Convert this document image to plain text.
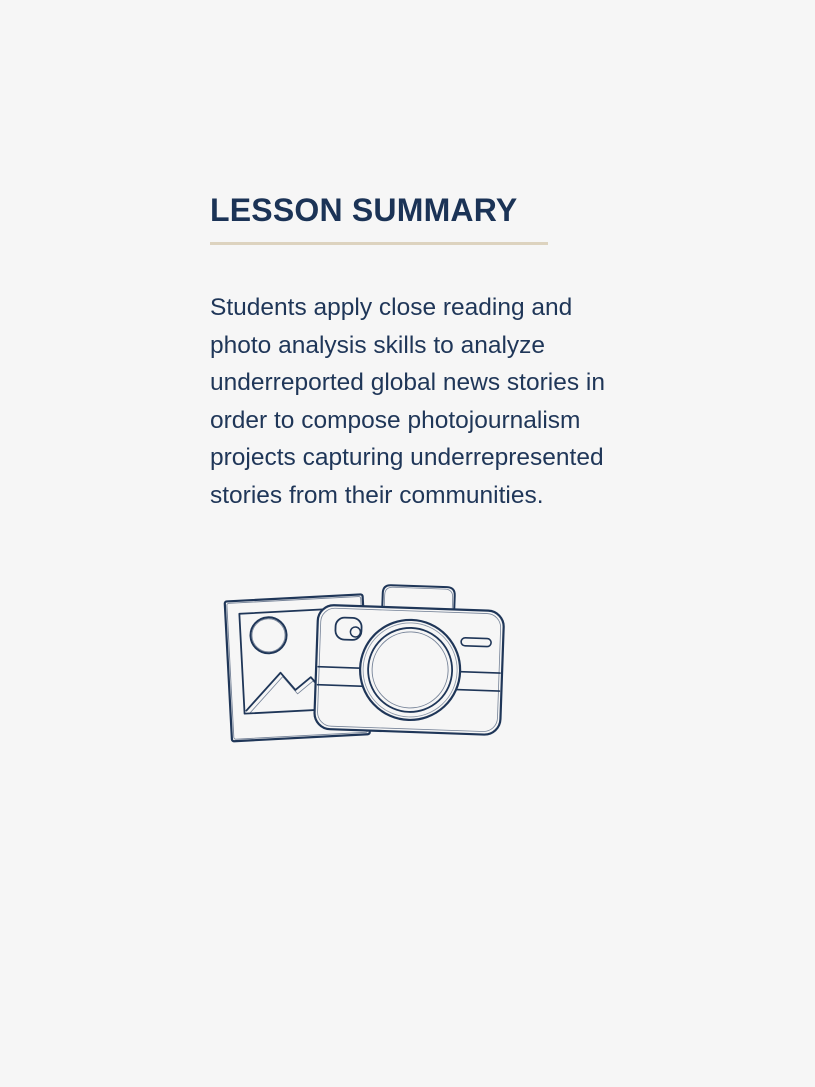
LESSON SUMMARY

Students apply close reading and photo analysis skills to analyze underreported global news stories in order to compose photojournalism projects capturing underrepresented stories from their communities.
